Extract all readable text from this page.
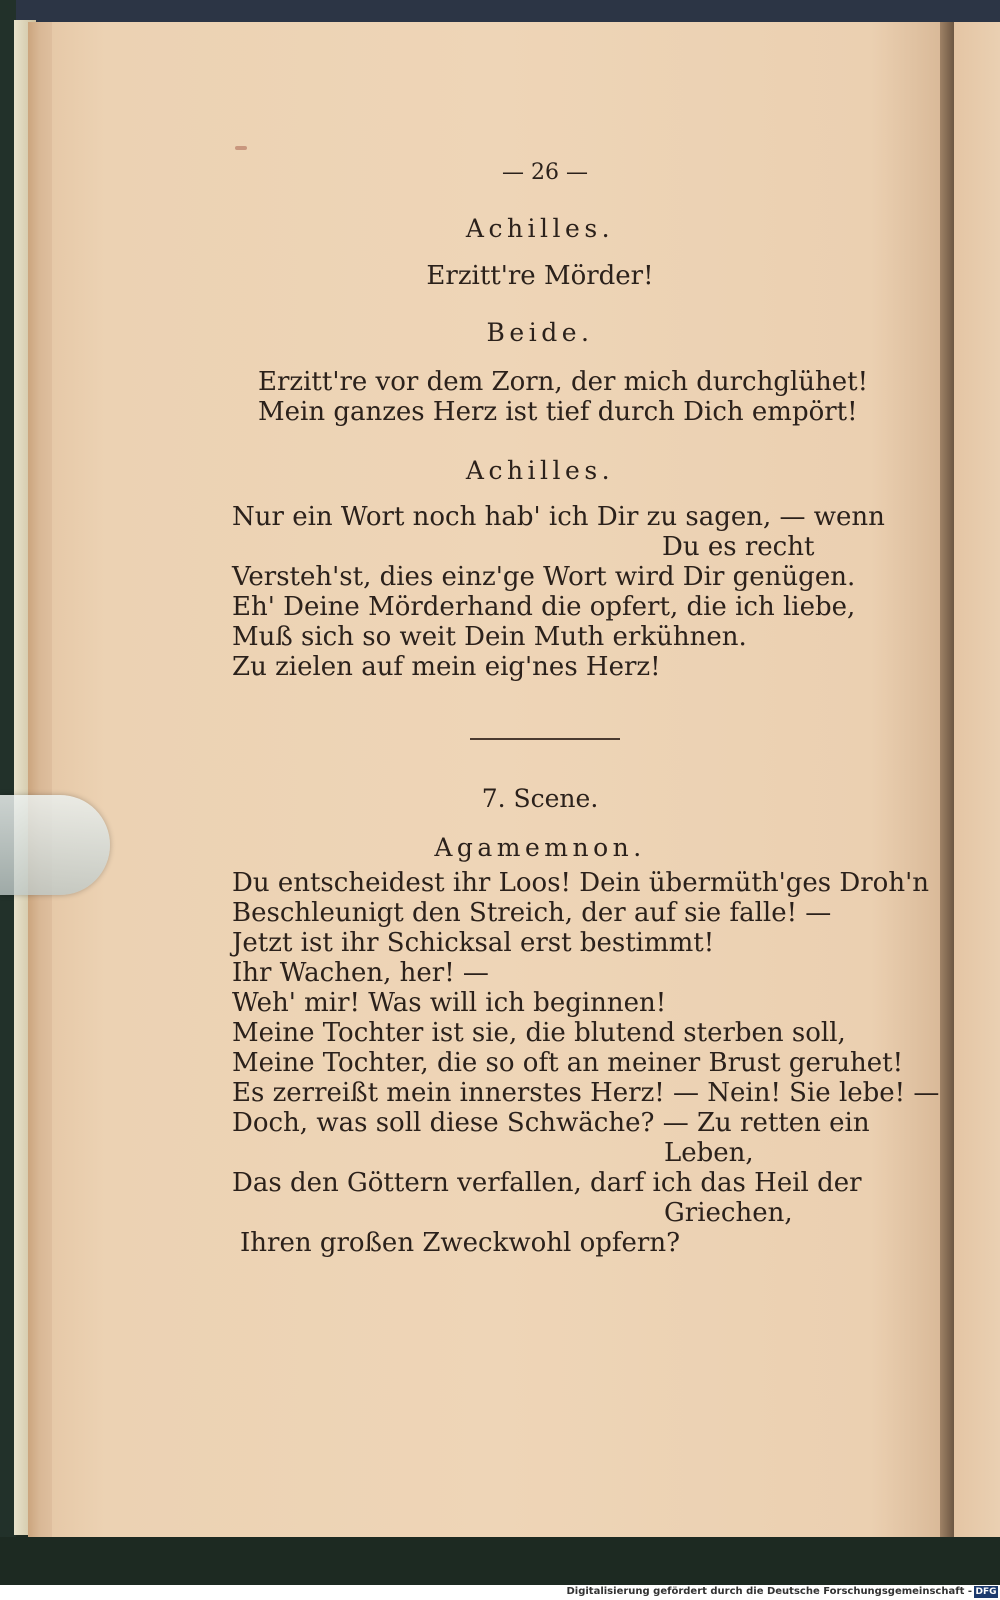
— 26 —
Achilles.
Erzitt're Mörder!
Beide.
Erzitt're vor dem Zorn, der mich durchglühet!
Mein ganzes Herz ist tief durch Dich empört!
Achilles.
Nur ein Wort noch hab' ich Dir zu sagen, — wenn
Du es recht
Versteh'st, dies einz'ge Wort wird Dir genügen.
Eh' Deine Mörderhand die opfert, die ich liebe,
Muß sich so weit Dein Muth erkühnen.
Zu zielen auf mein eig'nes Herz!
7. Scene.
Agamemnon.
Du entscheidest ihr Loos! Dein übermüth'ges Droh'n
Beschleunigt den Streich, der auf sie falle! —
Jetzt ist ihr Schicksal erst bestimmt!
Ihr Wachen, her! —
Weh' mir! Was will ich beginnen!
Meine Tochter ist sie, die blutend sterben soll,
Meine Tochter, die so oft an meiner Brust geruhet!
Es zerreißt mein innerstes Herz! — Nein! Sie lebe! —
Doch, was soll diese Schwäche? — Zu retten ein
Leben,
Das den Göttern verfallen, darf ich das Heil der
Griechen,
Ihren großen Zweckwohl opfern?
Digitalisierung gefördert durch die Deutsche Forschungsgemeinschaft - DFG
